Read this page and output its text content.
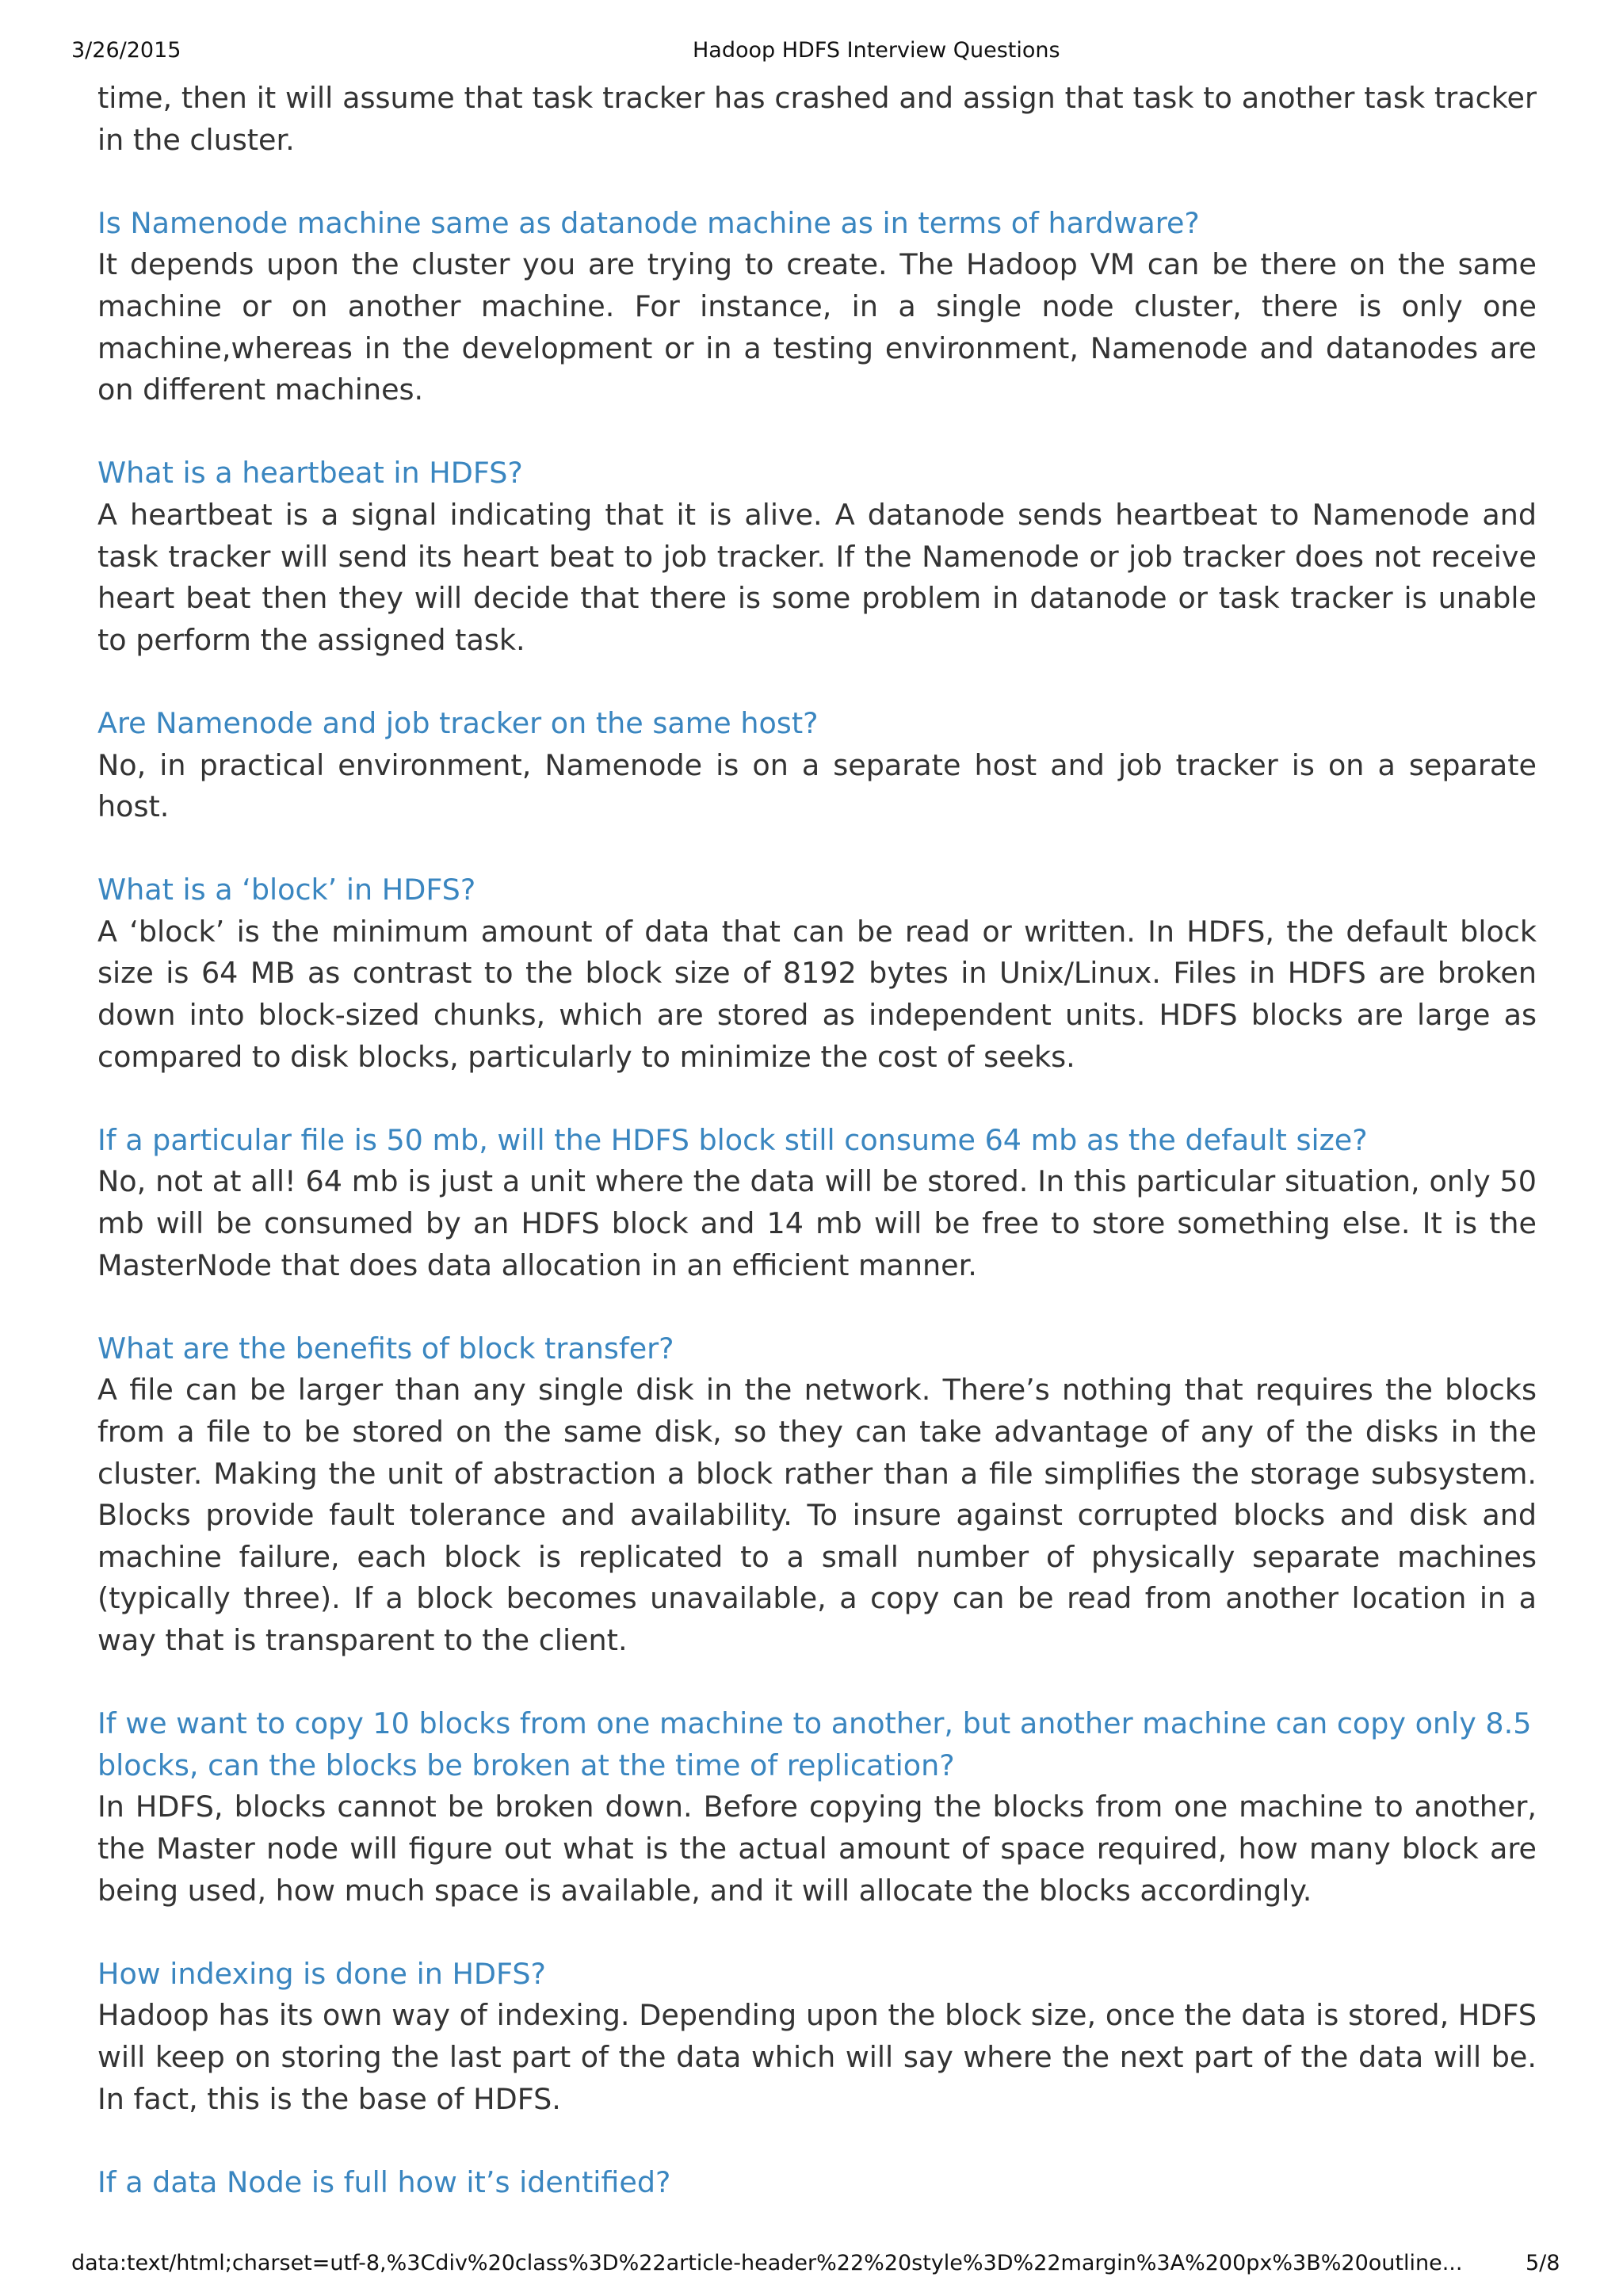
3/26/2015	Hadoop HDFS Interview Questions

time, then it will assume that task tracker has crashed and assign that task to another task tracker in the cluster.

Is Namenode machine same as datanode machine as in terms of hardware?

It depends upon the cluster you are trying to create. The Hadoop VM can be there on the same machine or on another machine. For instance, in a single node cluster, there is only one machine,whereas in the development or in a testing environment, Namenode and datanodes are on different machines.

What is a heartbeat in HDFS?

A heartbeat is a signal indicating that it is alive. A datanode sends heartbeat to Namenode and task tracker will send its heart beat to job tracker. If the Namenode or job tracker does not receive heart beat then they will decide that there is some problem in datanode or task tracker is unable to perform the assigned task.

Are Namenode and job tracker on the same host?

No, in practical environment, Namenode is on a separate host and job tracker is on a separate host.

What is a ‘block’ in HDFS?

A ‘block’ is the minimum amount of data that can be read or written. In HDFS, the default block size is 64 MB as contrast to the block size of 8192 bytes in Unix/Linux. Files in HDFS are broken down into block-sized chunks, which are stored as independent units. HDFS blocks are large as compared to disk blocks, particularly to minimize the cost of seeks.

If a particular file is 50 mb, will the HDFS block still consume 64 mb as the default size?

No, not at all! 64 mb is just a unit where the data will be stored. In this particular situation, only 50 mb will be consumed by an HDFS block and 14 mb will be free to store something else. It is the MasterNode that does data allocation in an efficient manner.

What are the benefits of block transfer?

A file can be larger than any single disk in the network. There’s nothing that requires the blocks from a file to be stored on the same disk, so they can take advantage of any of the disks in the cluster. Making the unit of abstraction a block rather than a file simplifies the storage subsystem. Blocks provide fault tolerance and availability. To insure against corrupted blocks and disk and machine failure, each block is replicated to a small number of physically separate machines (typically three). If a block becomes unavailable, a copy can be read from another location in a way that is transparent to the client.

If we want to copy 10 blocks from one machine to another, but another machine can copy only 8.5 blocks, can the blocks be broken at the time of replication?

In HDFS, blocks cannot be broken down. Before copying the blocks from one machine to another, the Master node will figure out what is the actual amount of space required, how many block are being used, how much space is available, and it will allocate the blocks accordingly.

How indexing is done in HDFS?

Hadoop has its own way of indexing. Depending upon the block size, once the data is stored, HDFS will keep on storing the last part of the data which will say where the next part of the data will be. In fact, this is the base of HDFS.

If a data Node is full how it’s identified?

data:text/html;charset=utf-8,%3Cdiv%20class%3D%22article-header%22%20style%3D%22margin%3A%200px%3B%20outline...	5/8
